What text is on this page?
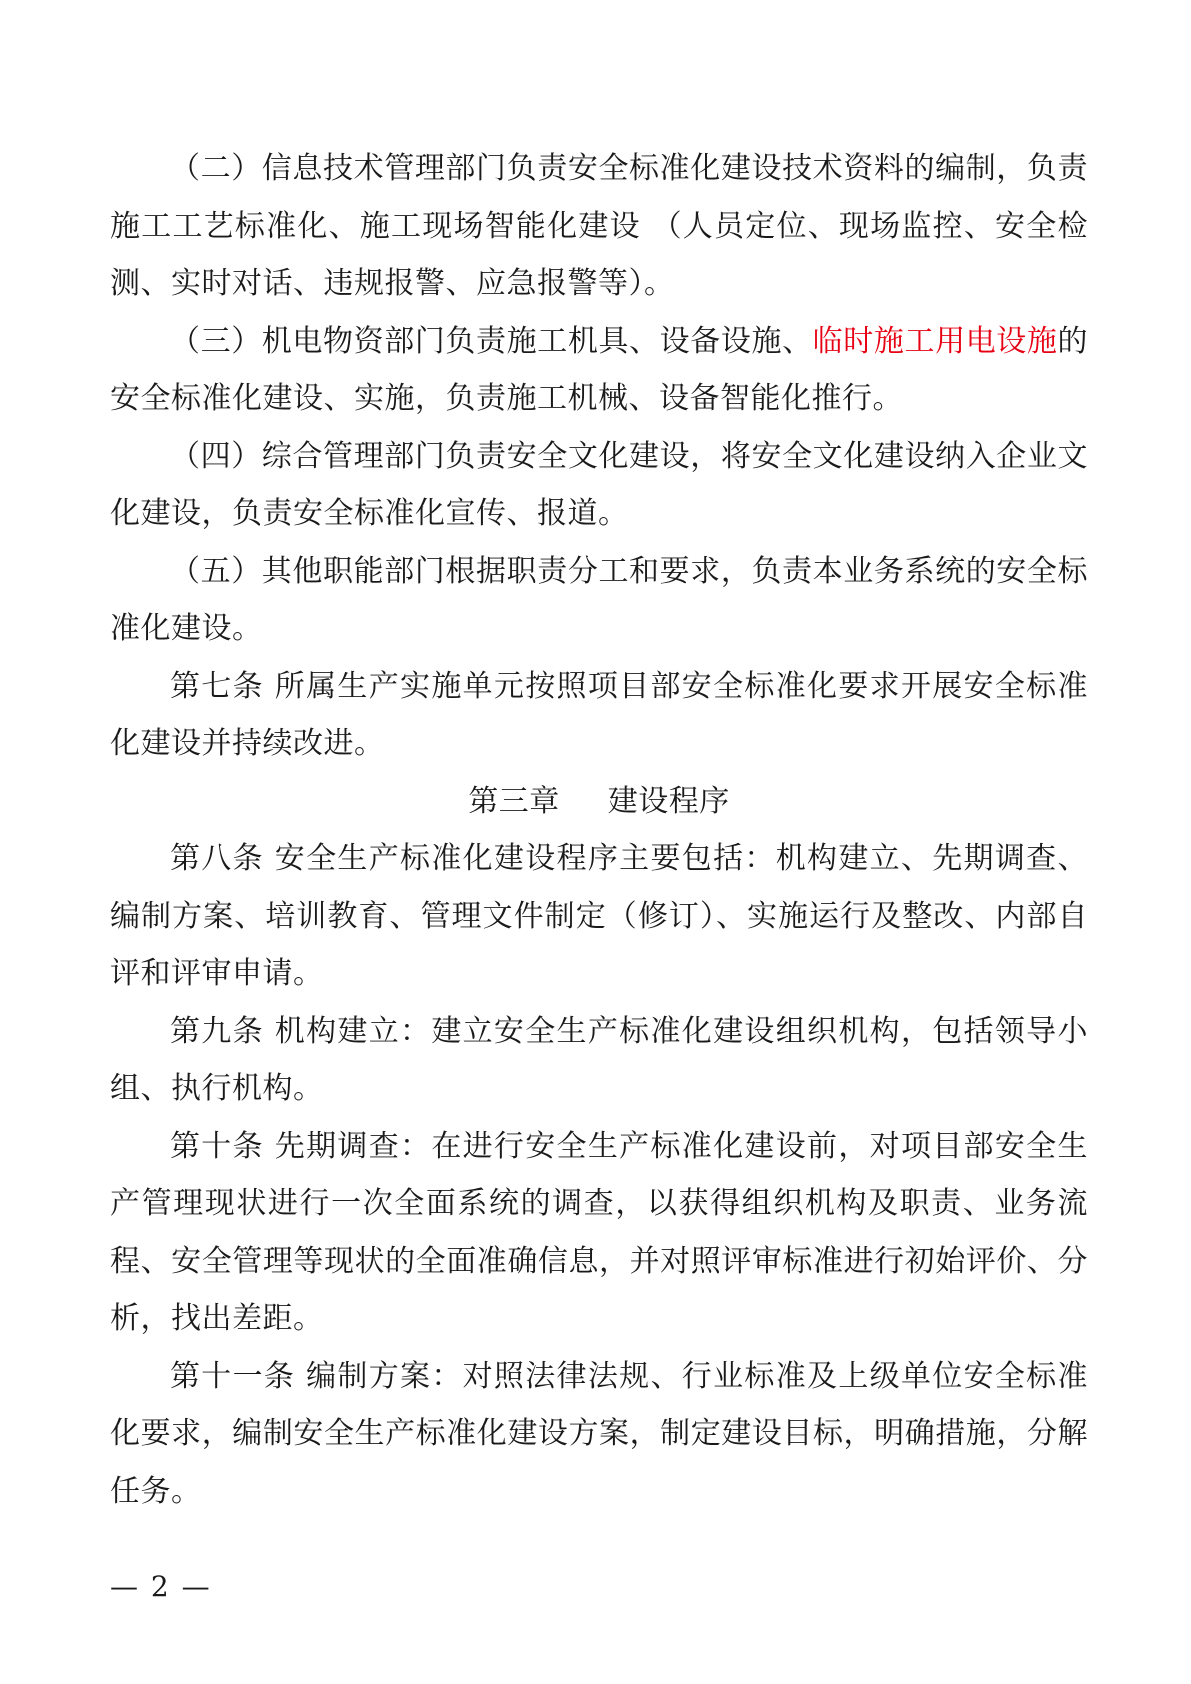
（二）信息技术管理部门负责安全标准化建设技术资料的编制，负责施工工艺标准化、施工现场智能化建设 （人员定位、现场监控、安全检测、实时对话、违规报警、应急报警等）。

（三）机电物资部门负责施工机具、设备设施、临时施工用电设施的安全标准化建设、实施，负责施工机械、设备智能化推行。

（四）综合管理部门负责安全文化建设，将安全文化建设纳入企业文化建设，负责安全标准化宣传、报道。

（五）其他职能部门根据职责分工和要求，负责本业务系统的安全标准化建设。

第七条 所属生产实施单元按照项目部安全标准化要求开展安全标准化建设并持续改进。

第三章 建设程序

第八条 安全生产标准化建设程序主要包括：机构建立、先期调查、编制方案、培训教育、管理文件制定（修订）、实施运行及整改、内部自评和评审申请。

第九条 机构建立：建立安全生产标准化建设组织机构，包括领导小组、执行机构。

第十条 先期调查：在进行安全生产标准化建设前，对项目部安全生产管理现状进行一次全面系统的调查，以获得组织机构及职责、业务流程、安全管理等现状的全面准确信息，并对照评审标准进行初始评价、分析，找出差距。

第十一条 编制方案：对照法律法规、行业标准及上级单位安全标准化要求，编制安全生产标准化建设方案，制定建设目标，明确措施，分解任务。

— 2 —
